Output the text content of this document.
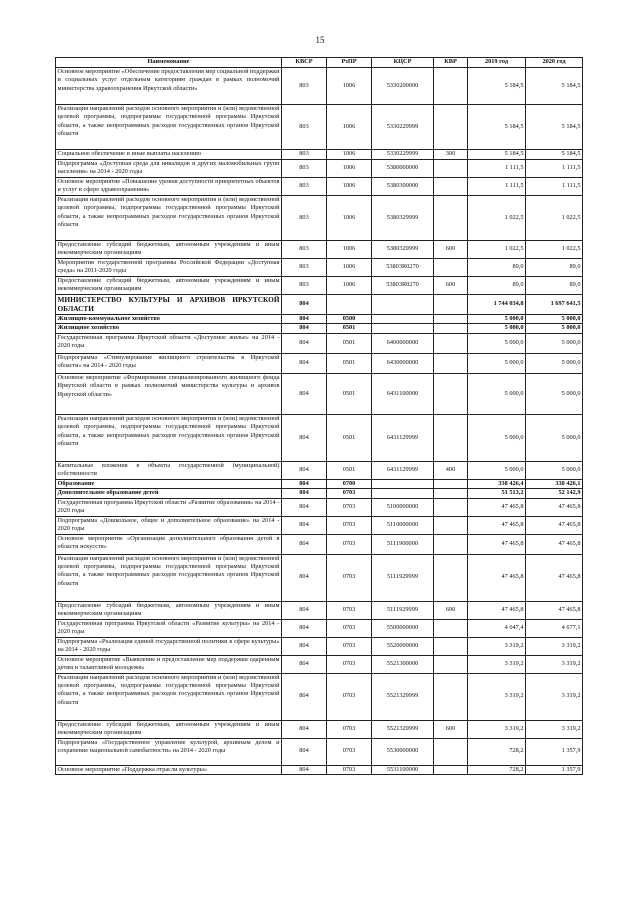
15
Наименование	КВСР	РзПР	КЦСР	КВР	2019 год	2020 год
Основное мероприятие «Обеспечение предоставления мер социальной поддержки и социальных услуг отдельным категориям граждан в рамках полномочий министерства здравоохранения Иркутской области»	803	1006	5330200000		5 184,5	5 184,5
Реализация направлений расходов основного мероприятия и (или) ведомственной целевой программы, подпрограммы государственной программы Иркутской области, а также непрограммных расходов государственных органов Иркутской области	803	1006	5330229999		5 184,5	5 184,5
Социальное обеспечение и иные выплаты населению	803	1006	5330229999	300	5 184,5	5 184,5
Подпрограмма «Доступная среда для инвалидов и других маломобильных групп населения» на 2014 - 2020 годы	803	1006	5380000000		1 111,5	1 111,5
Основное мероприятие «Повышение уровня доступности приоритетных объектов и услуг в сфере здравоохранения»	803	1006	5380300000		1 111,5	1 111,5
Реализация направлений расходов основного мероприятия и (или) ведомственной целевой программы, подпрограммы государственной программы Иркутской области, а также непрограммных расходов государственных органов Иркутской области	803	1006	5380329999		1 022,5	1 022,5
Предоставление субсидий бюджетным, автономным учреждениям и иным некоммерческим организациям	803	1006	5380329999	600	1 022,5	1 022,5
Мероприятия государственной программы Российской Федерации «Доступная среда» на 2011-2020 годы	803	1006	53803R0270		89,0	89,0
Предоставление субсидий бюджетным, автономным учреждениям и иным некоммерческим организациям	803	1006	53803R0270	600	89,0	89,0
МИНИСТЕРСТВО КУЛЬТУРЫ И АРХИВОВ ИРКУТСКОЙ ОБЛАСТИ	804				1 744 034,8	1 697 641,5
Жилищно-коммунальное хозяйство	804	0500			5 000,0	5 000,0
Жилищное хозяйство	804	0501			5 000,0	5 000,0
Государственная программа Иркутской области «Доступное жилье» на 2014 - 2020 годы	804	0501	6400000000		5 000,0	5 000,0
Подпрограмма «Стимулирование жилищного строительства в Иркутской области» на 2014 - 2020 годы	804	0501	6430000000		5 000,0	5 000,0
Основное мероприятие «Формирование специализированного жилищного фонда Иркутской области в рамках полномочий министерства культуры и архивов Иркутской области»	804	0501	6431100000		5 000,0	5 000,0
Реализация направлений расходов основного мероприятия и (или) ведомственной целевой программы, подпрограммы государственной программы Иркутской области, а также непрограммных расходов государственных органов Иркутской области	804	0501	6431129999		5 000,0	5 000,0
Капитальные вложения в объекты государственной (муниципальной) собственности	804	0501	6431129999	400	5 000,0	5 000,0
Образование	804	0700			338 426,4	338 426,1
Дополнительное образование детей	804	0703			51 513,2	52 142,9
Государственная программа Иркутской области «Развитие образования» на 2014 - 2020 годы	804	0703	5100000000		47 465,8	47 465,8
Подпрограмма «Дошкольное, общее и дополнительное образование» на 2014 - 2020 годы	804	0703	5110000000		47 465,8	47 465,8
Основное мероприятие «Организация дополнительного образования детей в области искусств»	804	0703	5111900000		47 465,8	47 465,8
Реализация направлений расходов основного мероприятия и (или) ведомственной целевой программы, подпрограммы государственной программы Иркутской области, а также непрограммных расходов государственных органов Иркутской области	804	0703	5111929999		47 465,8	47 465,8
Предоставление субсидий бюджетным, автономным учреждениям и иным некоммерческим организациям	804	0703	5111929999	600	47 465,8	47 465,8
Государственная программа Иркутской области «Развитие культуры» на 2014 - 2020 годы	804	0703	5500000000		4 047,4	4 677,1
Подпрограмма «Реализация единой государственной политики в сфере культуры» на 2014 - 2020 годы	804	0703	5520000000		3 319,2	3 319,2
Основное мероприятие «Выявление и предоставление мер поддержки одаренным детям и талантливой молодежи»	804	0703	5521300000		3 319,2	3 319,2
Реализация направлений расходов основного мероприятия и (или) ведомственной целевой программы, подпрограммы государственной программы Иркутской области, а также непрограммных расходов государственных органов Иркутской области	804	0703	5521329999		3 319,2	3 319,2
Предоставление субсидий бюджетным, автономным учреждениям и иным некоммерческим организациям	804	0703	5521329999	600	3 319,2	3 319,2
Подпрограмма «Государственное управление культурой, архивным делом и сохранение национальной самобытности» на 2014 - 2020 годы	804	0703	5530000000		728,2	1 357,9
Основное мероприятие «Поддержка отрасли культуры»	804	0703	5531100000		728,2	1 357,9
